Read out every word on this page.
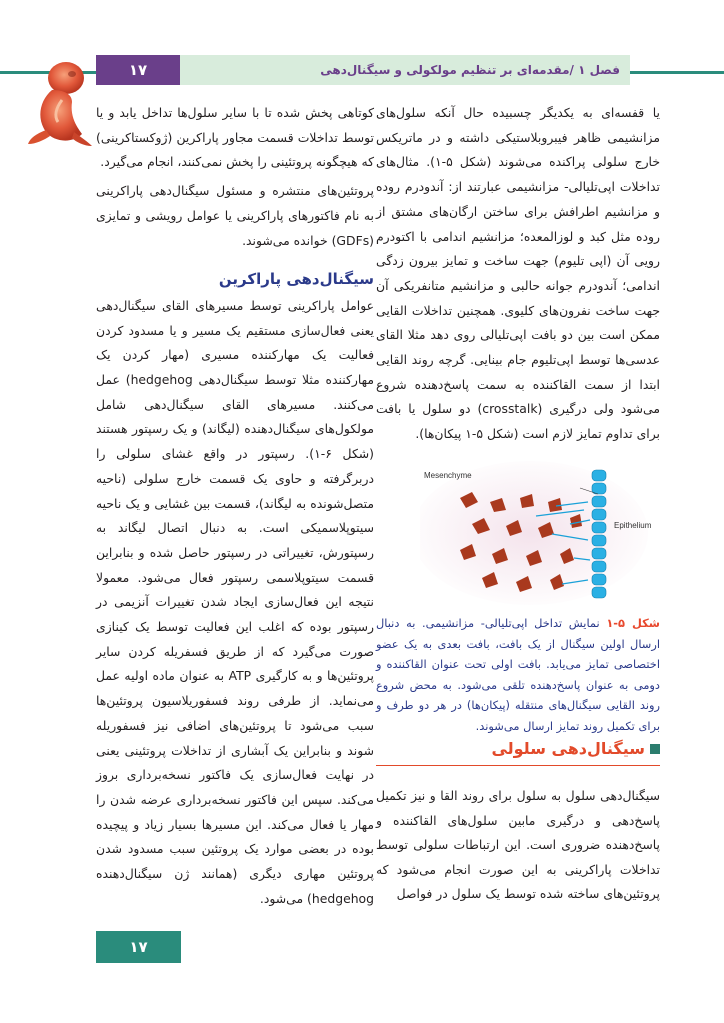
۱۷	فصل ۱ /مقدمه‌ای بر تنظیم مولکولی و سیگنال‌دهی

یا قفسه‌ای به یکدیگر چسبیده حال آنکه سلول‌های مزانشیمی ظاهر فیبروبلاستیکی داشته و در ماتریکس خارج سلولی پراکنده می‌شوند (شکل ۵-۱). مثال‌های تداخلات اپی‌تلیالی- مزانشیمی عبارتند از: آندودرم روده و مزانشیم اطرافش برای ساختن ارگان‌های مشتق از روده مثل کبد و لوزالمعده؛ مزانشیم اندامی با اکتودرم رویی آن (اپی تلیوم) جهت ساخت و تمایز بیرون زدگی اندامی؛ آندودرم جوانه حالبی و مزانشیم متانفریکی آن جهت ساخت نفرون‌های کلیوی. همچنین تداخلات القایی ممکن است بین دو بافت اپی‌تلیالی روی دهد مثلا القای عدسی‌ها توسط اپی‌تلیوم جام بینایی. گرچه روند القایی ابتدا از سمت القاکننده به سمت پاسخ‌دهنده شروع می‌شود ولی درگیری (crosstalk) دو سلول یا بافت برای تداوم تمایز لازم است (شکل ۵-۱ پیکان‌ها).

Mesenchyme
Epithelium
شکل ۵-۱ نمایش تداخل اپی‌تلیالی- مزانشیمی. به دنبال ارسال اولین سیگنال از یک بافت، بافت بعدی به یک عضو اختصاصی تمایز می‌یابد. بافت اولی تحت عنوان القاکننده و دومی به عنوان پاسخ‌دهنده تلقی می‌شود. به محض شروع روند القایی سیگنال‌های منتقله (پیکان‌ها) در هر دو طرف و برای تکمیل روند تمایز ارسال می‌شوند.
سیگنال‌دهی سلولی
سیگنال‌دهی سلول به سلول برای روند القا و نیز تکمیل پاسخ‌دهی و درگیری مابین سلول‌های القاکننده و پاسخ‌دهنده ضروری است. این ارتباطات سلولی توسط تداخلات پاراکرینی به این صورت انجام می‌شود که پروتئین‌های ساخته شده توسط یک سلول در فواصل

کوتاهی پخش شده تا با سایر سلول‌ها تداخل یابد و یا توسط تداخلات قسمت مجاور پاراکرین (ژوکستاکرینی) که هیچگونه پروتئینی را پخش نمی‌کنند، انجام می‌گیرد.

پروتئین‌های منتشره و مسئول سیگنال‌دهی پاراکرینی به نام فاکتورهای پاراکرینی یا عوامل رویشی و تمایزی (GDFs) خوانده می‌شوند.

سیگنال‌دهی پاراکرین

عوامل پاراکرینی توسط مسیرهای القای سیگنال‌دهی یعنی فعال‌سازی مستقیم یک مسیر و یا مسدود کردن فعالیت یک مهارکننده مسیری (مهار کردن یک مهارکننده مثلا توسط سیگنال‌دهی hedgehog) عمل می‌کنند. مسیرهای القای سیگنال‌دهی شامل مولکول‌های سیگنال‌دهنده (لیگاند) و یک رسپتور هستند (شکل ۶-۱). رسپتور در واقع غشای سلولی را دربرگرفته و حاوی یک قسمت خارج سلولی (ناحیه متصل‌شونده به لیگاند)، قسمت بین غشایی و یک ناحیه سیتوپلاسمیکی است. به دنبال اتصال لیگاند به رسپتورش، تغییراتی در رسپتور حاصل شده و بنابراین قسمت سیتوپلاسمی رسپتور فعال می‌شود. معمولا نتیجه این فعال‌سازی ایجاد شدن تغییرات آنزیمی در رسپتور بوده که اغلب این فعالیت توسط یک کینازی صورت می‌گیرد که از طریق فسفریله کردن سایر پروتئین‌ها و به کارگیری ATP به عنوان ماده اولیه عمل می‌نماید. از طرفی روند فسفوریلاسیون پروتئین‌ها سبب می‌شود تا پروتئین‌های اضافی نیز فسفوریله شوند و بنابراین یک آبشاری از تداخلات پروتئینی یعنی در نهایت فعال‌سازی یک فاکتور نسخه‌برداری بروز می‌کند. سپس این فاکتور نسخه‌برداری عرضه شدن را مهار یا فعال می‌کند. این مسیرها بسیار زیاد و پیچیده بوده در بعضی موارد یک پروتئین سبب مسدود شدن پروتئین مهاری دیگری (همانند ژن سیگنال‌دهنده hedgehog) می‌شود.

۱۷
